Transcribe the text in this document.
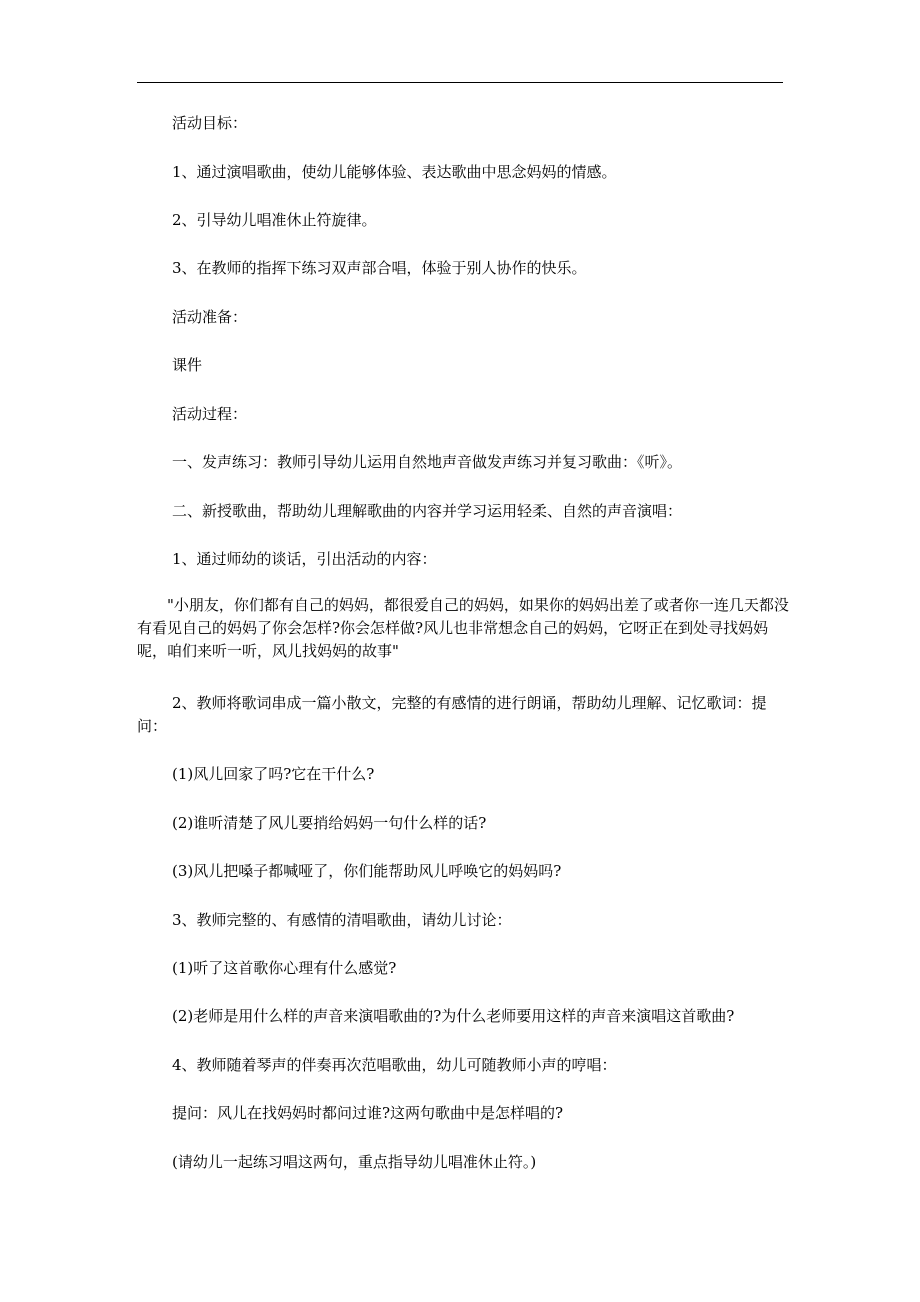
活动目标：
1、通过演唱歌曲，使幼儿能够体验、表达歌曲中思念妈妈的情感。
2、引导幼儿唱准休止符旋律。
3、在教师的指挥下练习双声部合唱，体验于别人协作的快乐。
活动准备：
课件
活动过程：
一、发声练习：教师引导幼儿运用自然地声音做发声练习并复习歌曲：《听》。
二、新授歌曲，帮助幼儿理解歌曲的内容并学习运用轻柔、自然的声音演唱：
1、通过师幼的谈话，引出活动的内容：
"小朋友，你们都有自己的妈妈，都很爱自己的妈妈，如果你的妈妈出差了或者你一连几天都没有看见自己的妈妈了你会怎样?你会怎样做?风儿也非常想念自己的妈妈，它呀正在到处寻找妈妈呢，咱们来听一听，风儿找妈妈的故事"
2、教师将歌词串成一篇小散文，完整的有感情的进行朗诵，帮助幼儿理解、记忆歌词：提问：
(1)风儿回家了吗?它在干什么?
(2)谁听清楚了风儿要捎给妈妈一句什么样的话?
(3)风儿把嗓子都喊哑了，你们能帮助风儿呼唤它的妈妈吗?
3、教师完整的、有感情的清唱歌曲，请幼儿讨论：
(1)听了这首歌你心理有什么感觉?
(2)老师是用什么样的声音来演唱歌曲的?为什么老师要用这样的声音来演唱这首歌曲?
4、教师随着琴声的伴奏再次范唱歌曲，幼儿可随教师小声的哼唱：
提问：风儿在找妈妈时都问过谁?这两句歌曲中是怎样唱的?
(请幼儿一起练习唱这两句，重点指导幼儿唱准休止符。)
